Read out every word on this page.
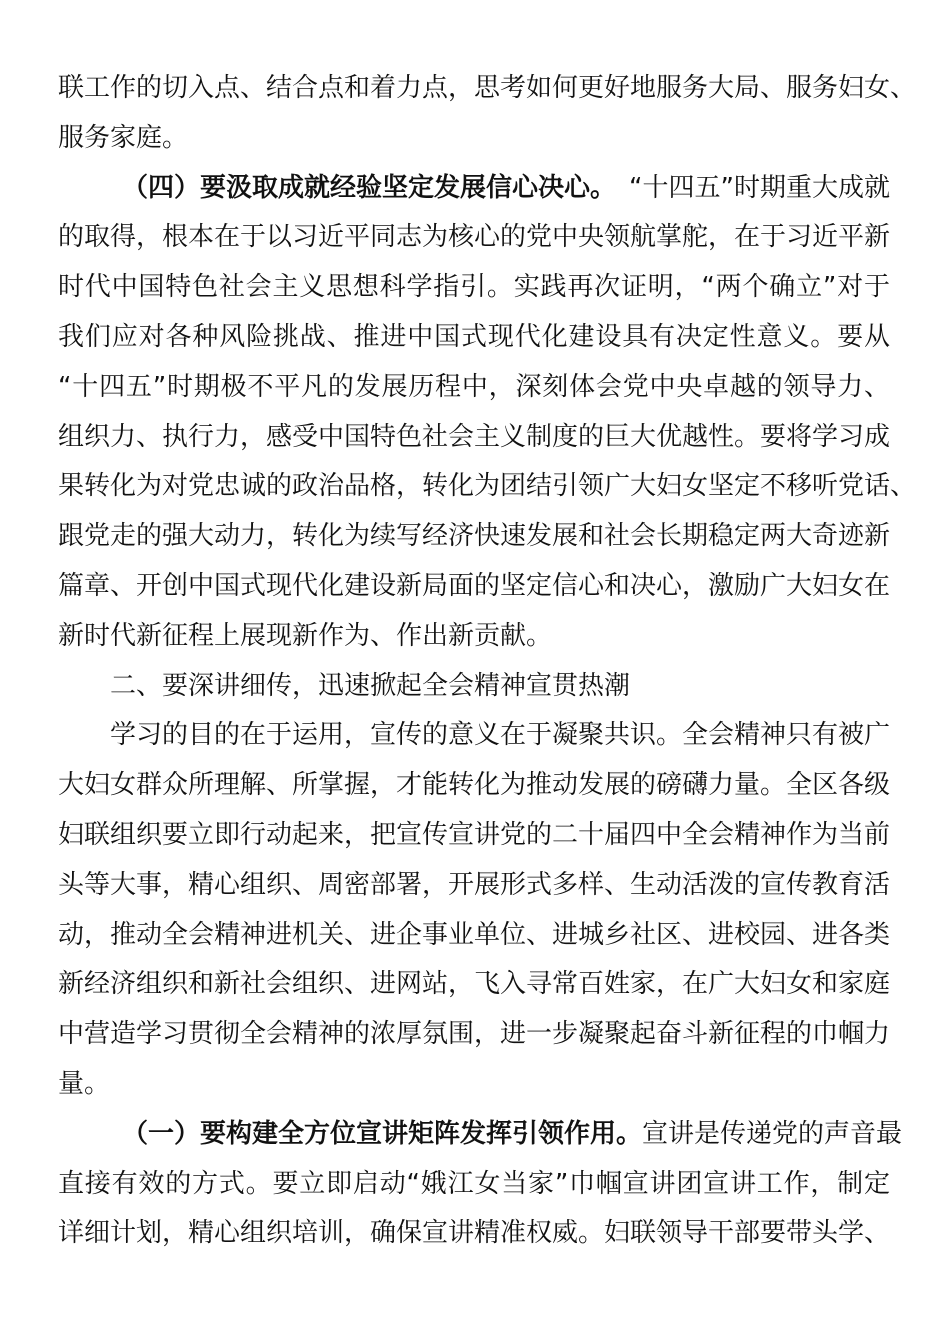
联工作的切入点、结合点和着力点，思考如何更好地服务大局、服务妇女、
服务家庭。
（四）要汲取成就经验坚定发展信心决心。 “十四五”时期重大成就
的取得，根本在于以习近平同志为核心的党中央领航掌舵，在于习近平新
时代中国特色社会主义思想科学指引。实践再次证明，“两个确立”对于
我们应对各种风险挑战、推进中国式现代化建设具有决定性意义。要从
“十四五”时期极不平凡的发展历程中，深刻体会党中央卓越的领导力、
组织力、执行力，感受中国特色社会主义制度的巨大优越性。要将学习成
果转化为对党忠诚的政治品格，转化为团结引领广大妇女坚定不移听党话、
跟党走的强大动力，转化为续写经济快速发展和社会长期稳定两大奇迹新
篇章、开创中国式现代化建设新局面的坚定信心和决心，激励广大妇女在
新时代新征程上展现新作为、作出新贡献。
二、要深讲细传，迅速掀起全会精神宣贯热潮
学习的目的在于运用，宣传的意义在于凝聚共识。全会精神只有被广
大妇女群众所理解、所掌握，才能转化为推动发展的磅礴力量。全区各级
妇联组织要立即行动起来，把宣传宣讲党的二十届四中全会精神作为当前
头等大事，精心组织、周密部署，开展形式多样、生动活泼的宣传教育活
动，推动全会精神进机关、进企事业单位、进城乡社区、进校园、进各类
新经济组织和新社会组织、进网站，飞入寻常百姓家，在广大妇女和家庭
中营造学习贯彻全会精神的浓厚氛围，进一步凝聚起奋斗新征程的巾帼力
量。
（一）要构建全方位宣讲矩阵发挥引领作用。 宣讲是传递党的声音最
直接有效的方式。要立即启动“娥江女当家”巾帼宣讲团宣讲工作，制定
详细计划，精心组织培训，确保宣讲精准权威。妇联领导干部要带头学、
